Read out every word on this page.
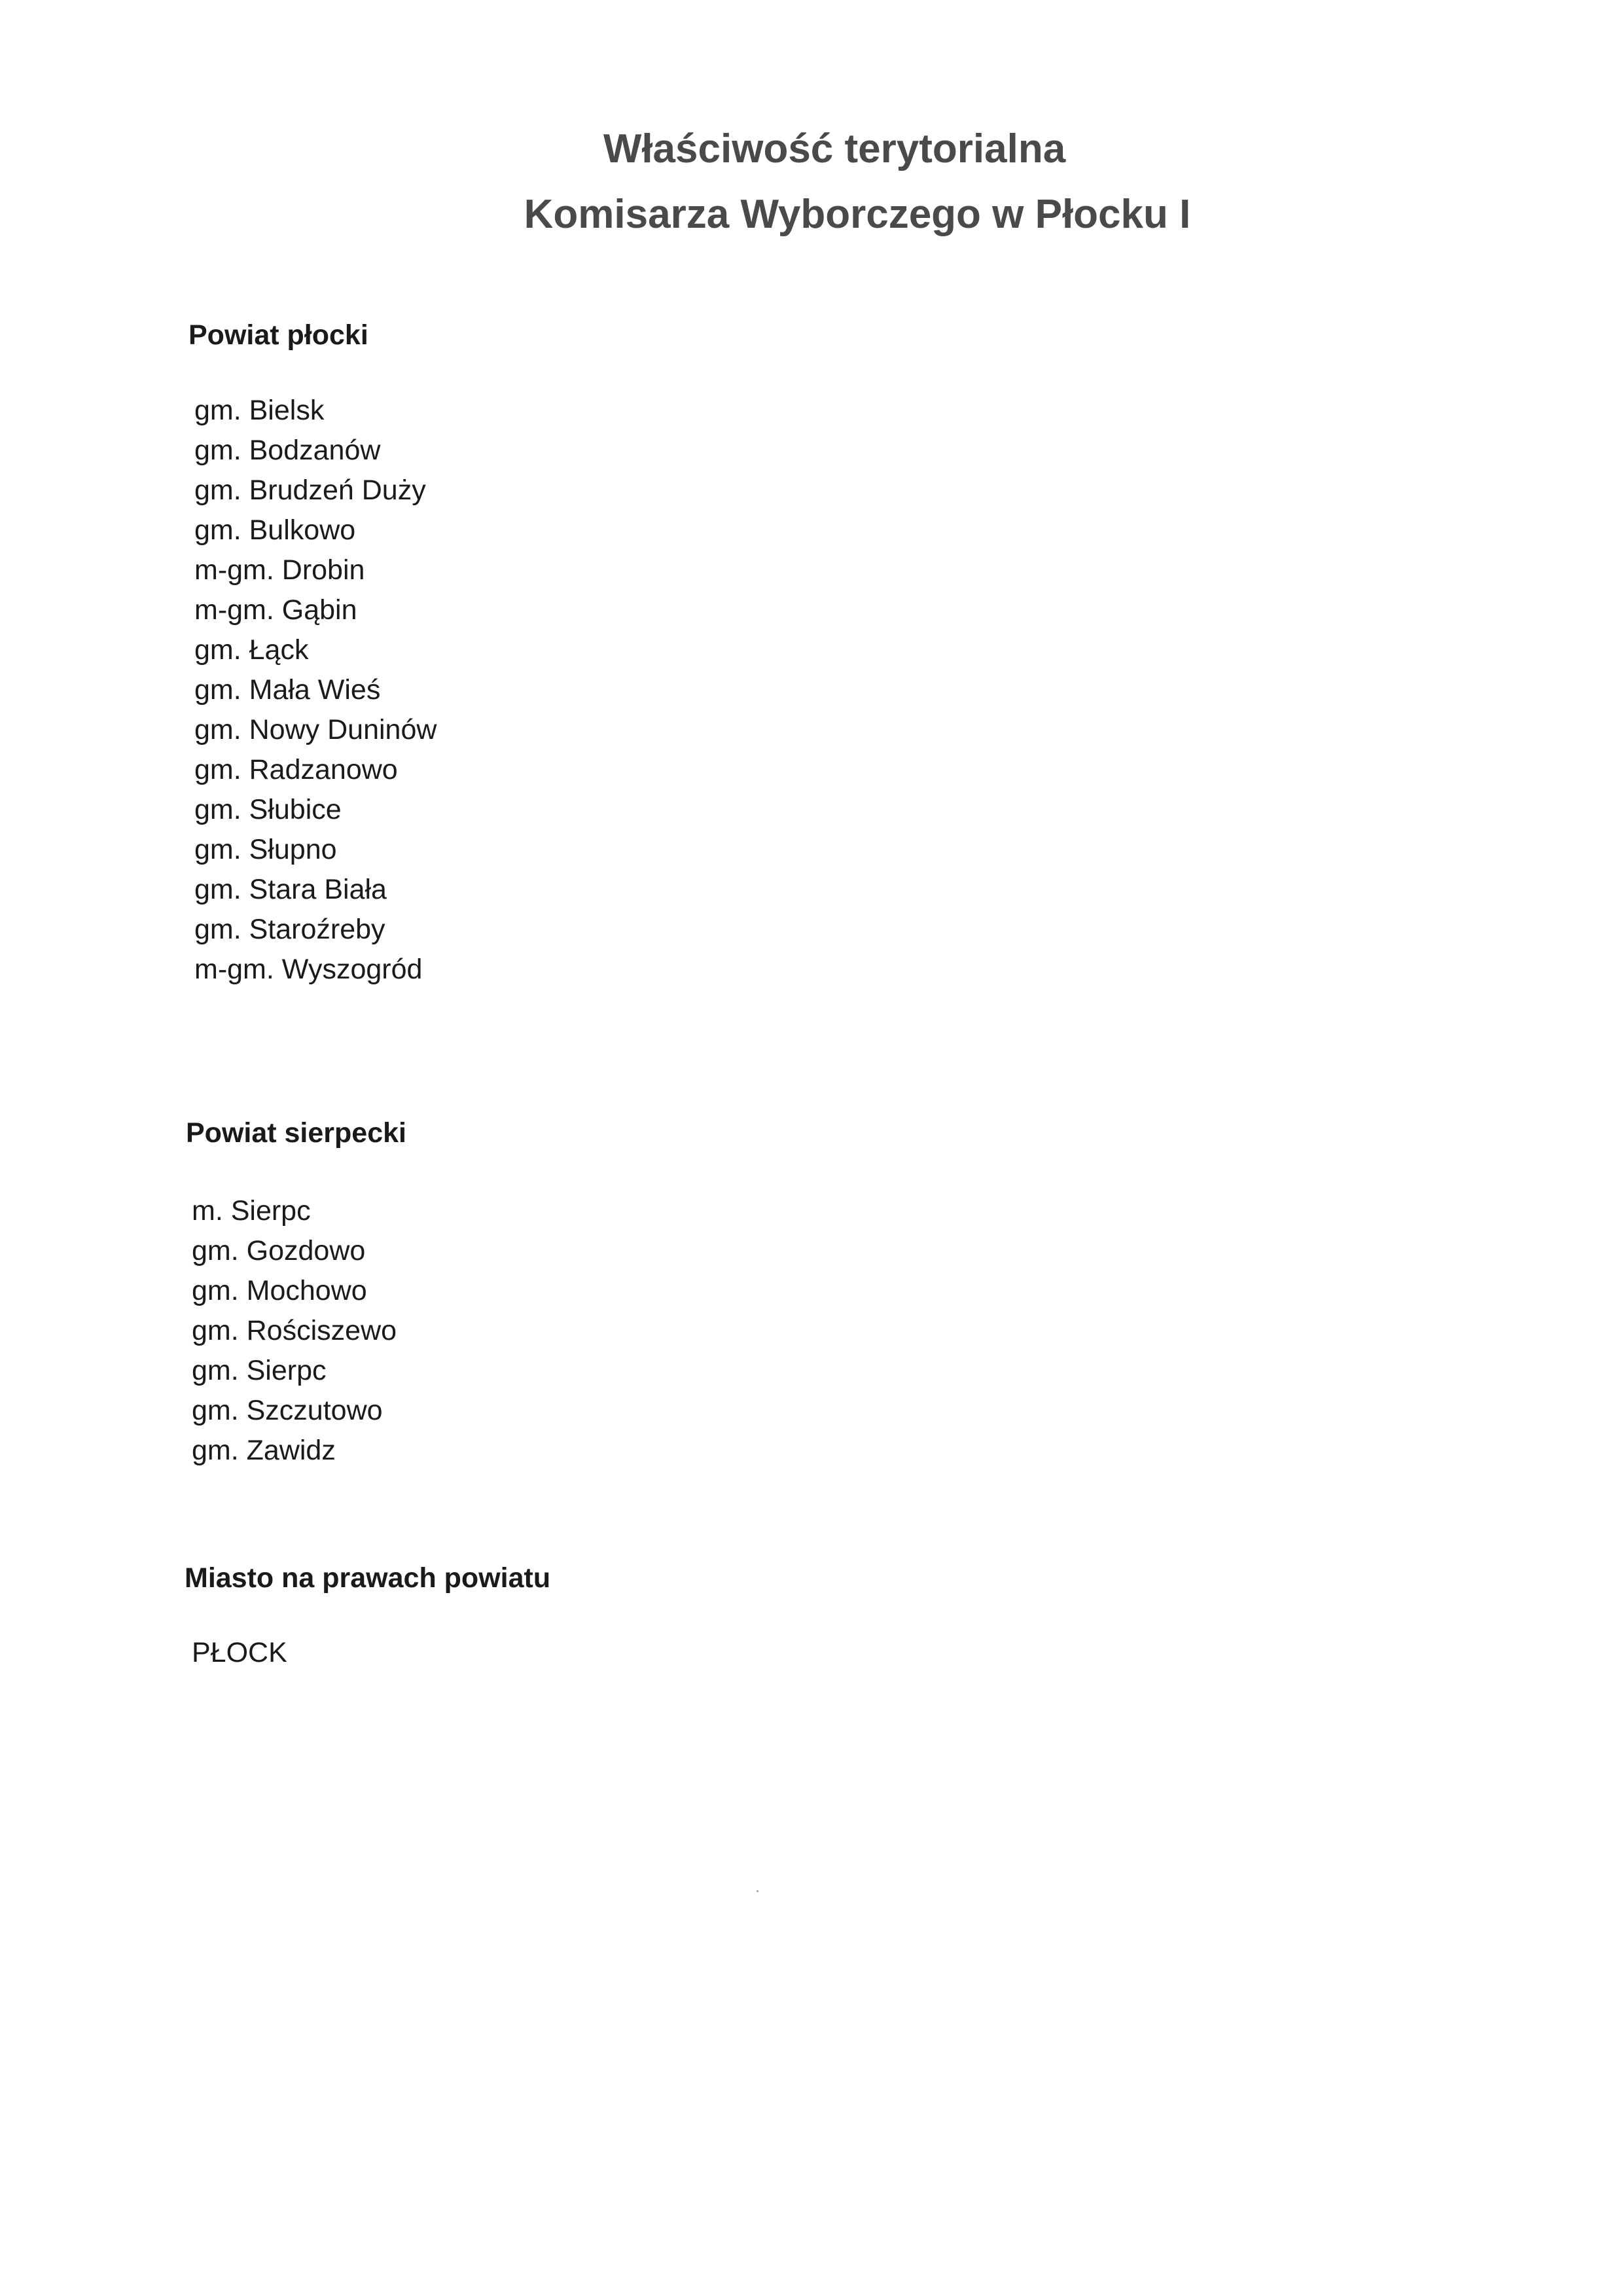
Właściwość terytorialna
Komisarza Wyborczego w Płocku I
Powiat płocki
gm. Bielsk
gm. Bodzanów
gm. Brudzeń Duży
gm. Bulkowo
m-gm. Drobin
m-gm. Gąbin
gm. Łąck
gm. Mała Wieś
gm. Nowy Duninów
gm. Radzanowo
gm. Słubice
gm. Słupno
gm. Stara Biała
gm. Staroźreby
m-gm. Wyszogród
Powiat sierpecki
m. Sierpc
gm. Gozdowo
gm. Mochowo
gm. Rościszewo
gm. Sierpc
gm. Szczutowo
gm. Zawidz
Miasto na prawach powiatu
PŁOCK
